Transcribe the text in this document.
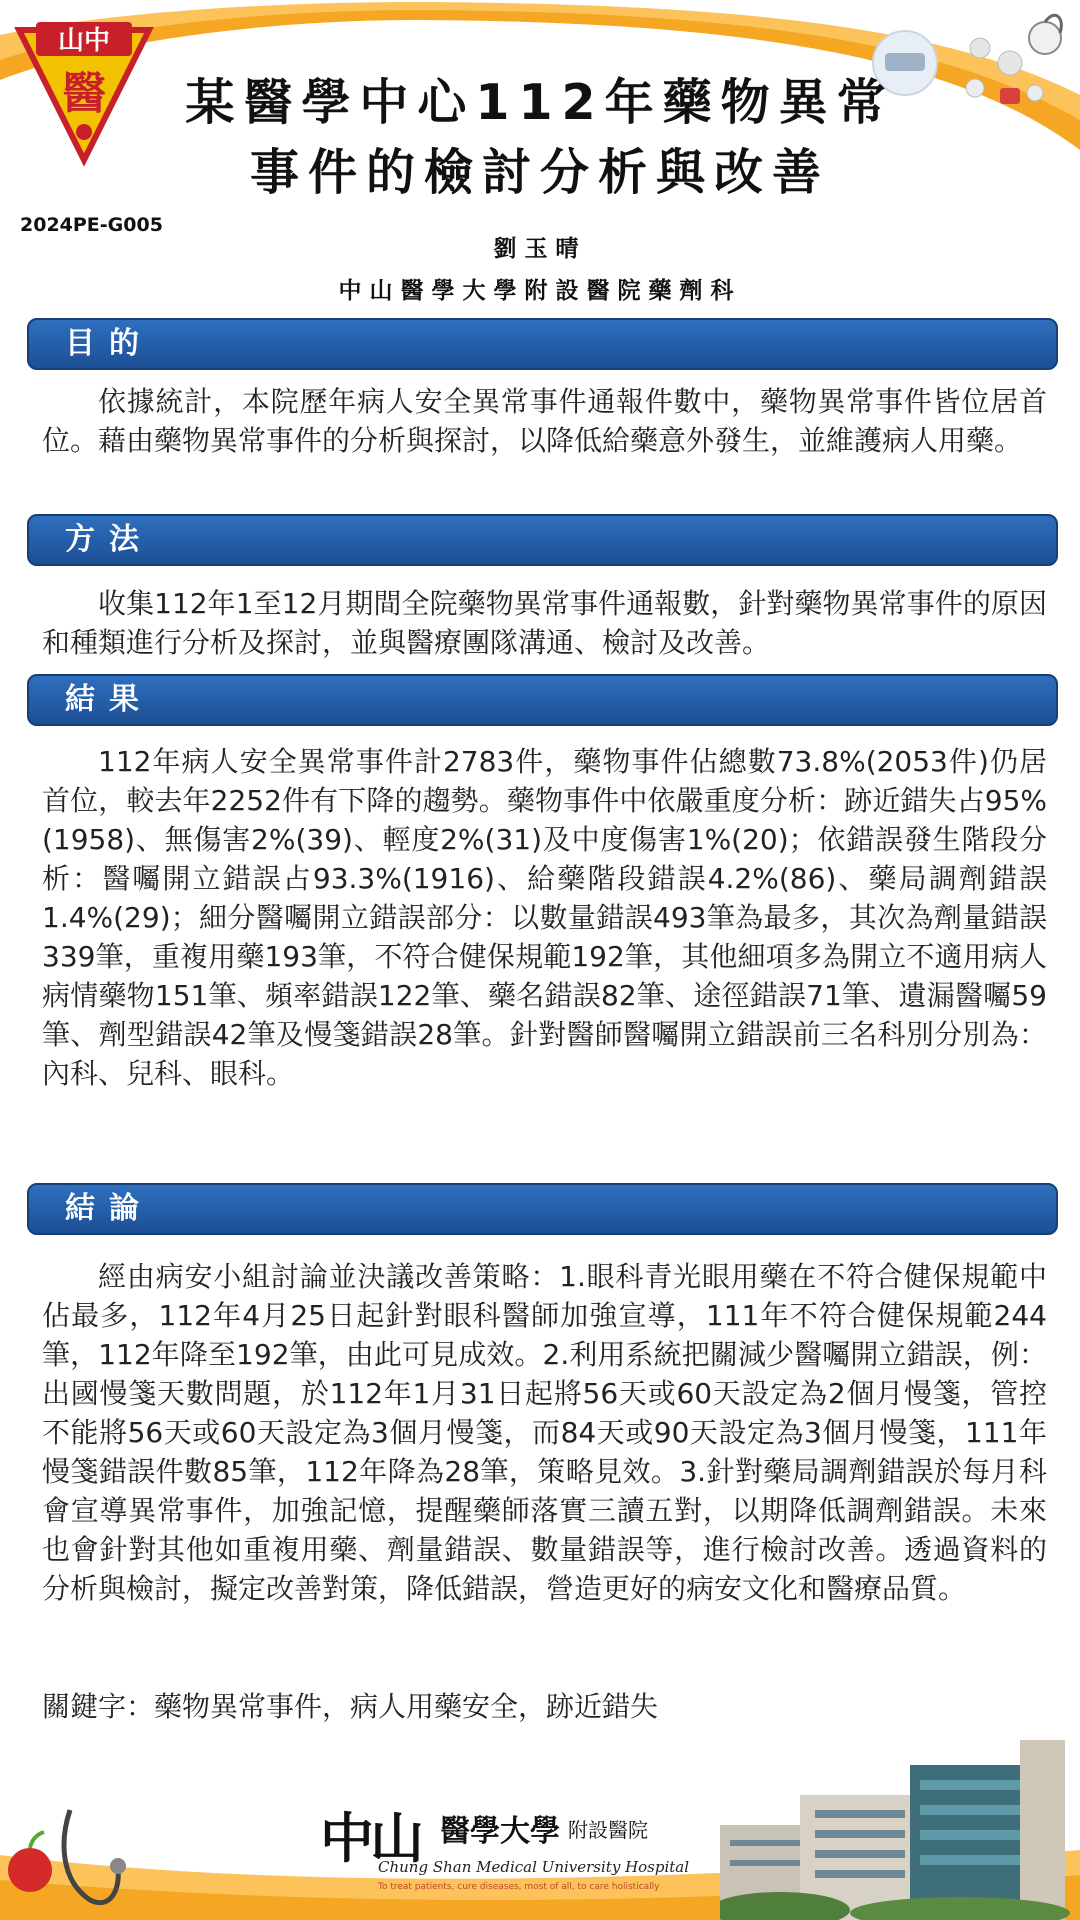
山中
醫	某醫學中心112年藥物異常
事件的檢討分析與改善
2024PE-G005
劉玉晴
中山醫學大學附設醫院藥劑科
目的
依據統計，本院歷年病人安全異常事件通報件數中，藥物異常事件皆位居首位。藉由藥物異常事件的分析與探討，以降低給藥意外發生，並維護病人用藥。
方法
收集112年1至12月期間全院藥物異常事件通報數，針對藥物異常事件的原因和種類進行分析及探討，並與醫療團隊溝通、檢討及改善。
結果
112年病人安全異常事件計2783件，藥物事件佔總數73.8%(2053件)仍居首位，較去年2252件有下降的趨勢。藥物事件中依嚴重度分析：跡近錯失占95%(1958)、無傷害2%(39)、輕度2%(31)及中度傷害1%(20)；依錯誤發生階段分析：醫囑開立錯誤占93.3%(1916)、給藥階段錯誤4.2%(86)、藥局調劑錯誤1.4%(29)；細分醫囑開立錯誤部分：以數量錯誤493筆為最多，其次為劑量錯誤339筆，重複用藥193筆，不符合健保規範192筆，其他細項多為開立不適用病人病情藥物151筆、頻率錯誤122筆、藥名錯誤82筆、途徑錯誤71筆、遺漏醫囑59筆、劑型錯誤42筆及慢箋錯誤28筆。針對醫師醫囑開立錯誤前三名科別分別為：內科、兒科、眼科。
結論
經由病安小組討論並決議改善策略：1.眼科青光眼用藥在不符合健保規範中佔最多，112年4月25日起針對眼科醫師加強宣導，111年不符合健保規範244筆，112年降至192筆，由此可見成效。2.利用系統把關減少醫囑開立錯誤，例：出國慢箋天數問題，於112年1月31日起將56天或60天設定為2個月慢箋，管控不能將56天或60天設定為3個月慢箋，而84天或90天設定為3個月慢箋，111年慢箋錯誤件數85筆，112年降為28筆，策略見效。3.針對藥局調劑錯誤於每月科會宣導異常事件，加強記憶，提醒藥師落實三讀五對，以期降低調劑錯誤。未來也會針對其他如重複用藥、劑量錯誤、數量錯誤等，進行檢討改善。透過資料的分析與檢討，擬定改善對策，降低錯誤，營造更好的病安文化和醫療品質。
關鍵字：藥物異常事件，病人用藥安全，跡近錯失
中山 醫學大學 附設醫院
Chung Shan Medical University Hospital
To treat patients, cure diseases, most of all, to care holistically
